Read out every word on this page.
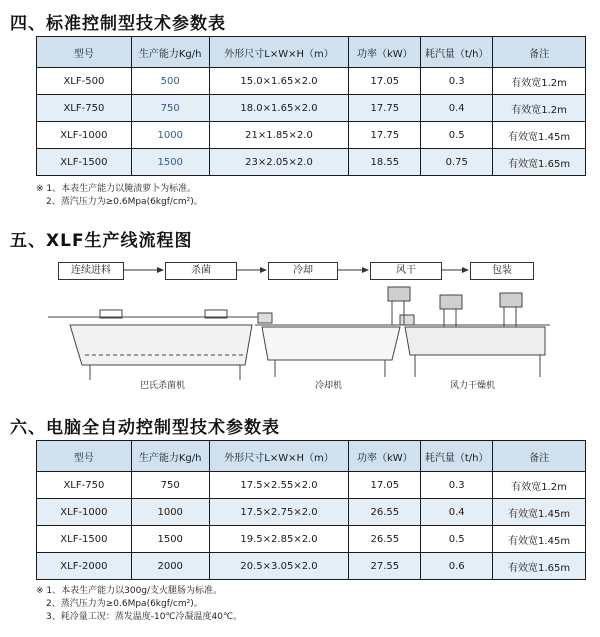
四、标准控制型技术参数表
型号	生产能力Kg/h	外形尺寸L×W×H（m）	功率（kW）	耗汽量（t/h）	备注
XLF-500	500	15.0×1.65×2.0	17.05	0.3	有效宽1.2m
XLF-750	750	18.0×1.65×2.0	17.75	0.4	有效宽1.2m
XLF-1000	1000	21×1.85×2.0	17.75	0.5	有效宽1.45m
XLF-1500	1500	23×2.05×2.0	18.55	0.75	有效宽1.65m
※ 1、本表生产能力以腌渍萝卜为标准。
2、蒸汽压力为≥0.6Mpa(6kgf/cm²)。
五、XLF生产线流程图
连续进料	杀菌	冷却	风干	包装
巴氏杀菌机	冷却机	风力干燥机
六、电脑全自动控制型技术参数表
型号	生产能力Kg/h	外形尺寸L×W×H（m）	功率（kW）	耗汽量（t/h）	备注
XLF-750	750	17.5×2.55×2.0	17.05	0.3	有效宽1.2m
XLF-1000	1000	17.5×2.75×2.0	26.55	0.4	有效宽1.45m
XLF-1500	1500	19.5×2.85×2.0	26.55	0.5	有效宽1.45m
XLF-2000	2000	20.5×3.05×2.0	27.55	0.6	有效宽1.65m
※ 1、本表生产能力以300g/支火腿肠为标准。
2、蒸汽压力为≥0.6Mpa(6kgf/cm²)。
3、耗冷量工况：蒸发温度-10℃冷凝温度40℃。
